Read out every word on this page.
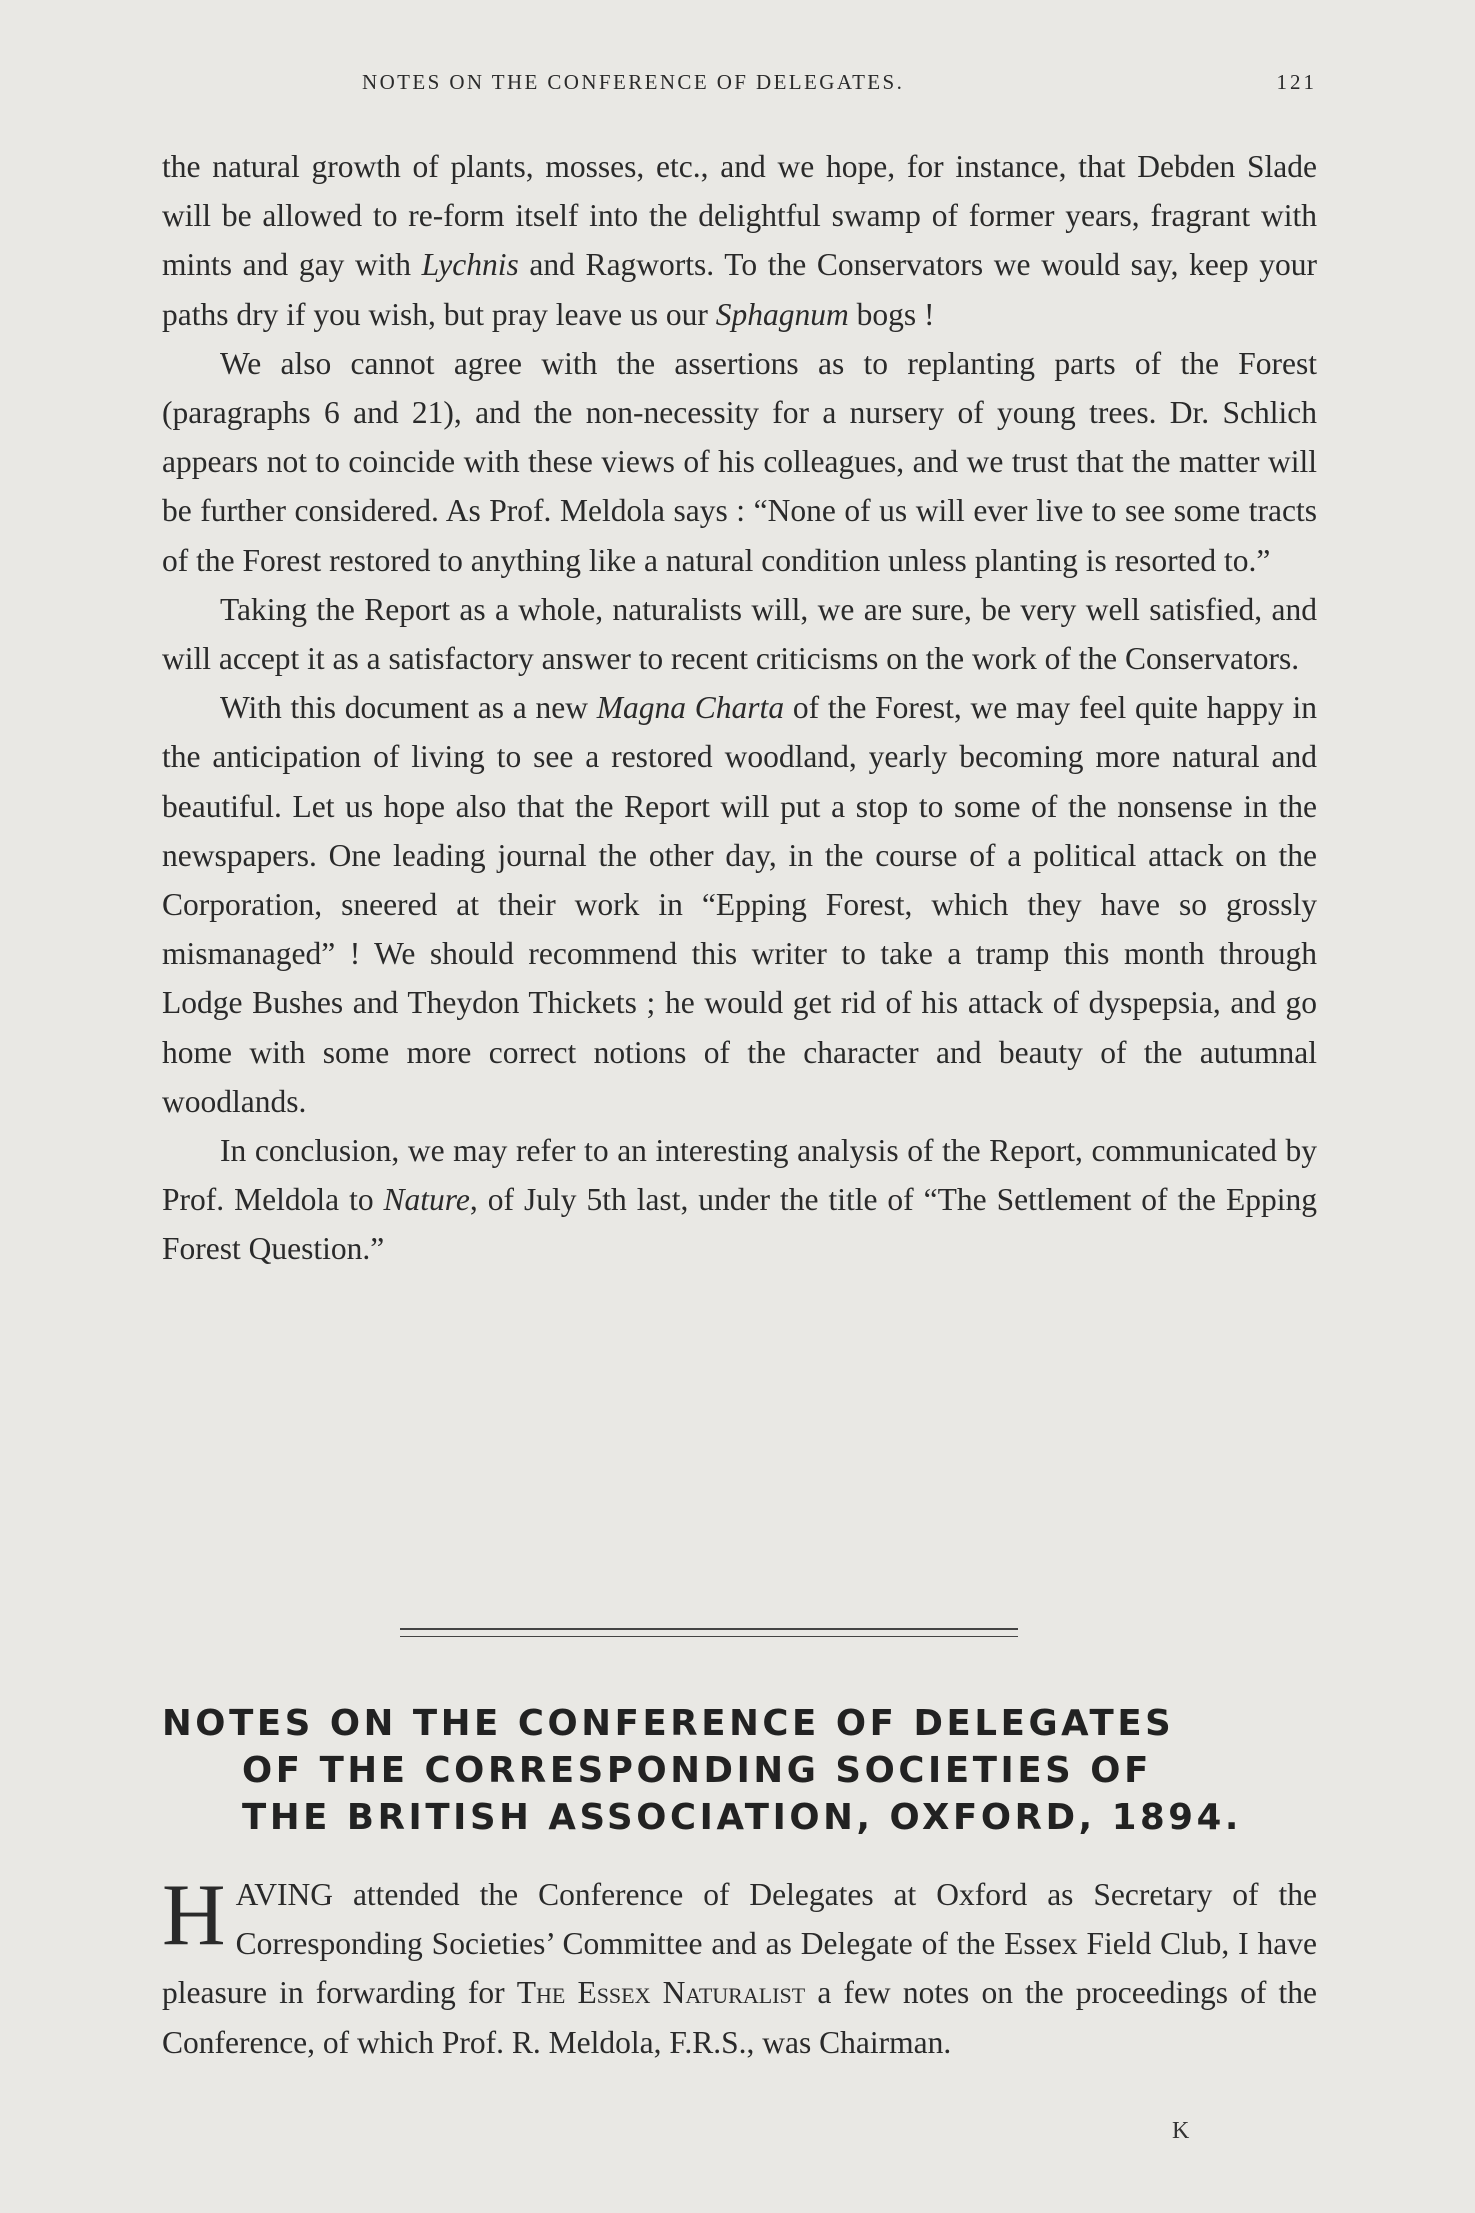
NOTES ON THE CONFERENCE OF DELEGATES.	121

the natural growth of plants, mosses, etc., and we hope, for instance, that Debden Slade will be allowed to re-form itself into the delightful swamp of former years, fragrant with mints and gay with Lychnis and Ragworts. To the Conservators we would say, keep your paths dry if you wish, but pray leave us our Sphagnum bogs !

We also cannot agree with the assertions as to replanting parts of the Forest (paragraphs 6 and 21), and the non-necessity for a nursery of young trees. Dr. Schlich appears not to coincide with these views of his colleagues, and we trust that the matter will be further considered. As Prof. Meldola says : “None of us will ever live to see some tracts of the Forest restored to anything like a natural condition unless planting is resorted to.”

Taking the Report as a whole, naturalists will, we are sure, be very well satisfied, and will accept it as a satisfactory answer to recent criticisms on the work of the Conservators.

With this document as a new Magna Charta of the Forest, we may feel quite happy in the anticipation of living to see a restored woodland, yearly becoming more natural and beautiful. Let us hope also that the Report will put a stop to some of the nonsense in the newspapers. One leading journal the other day, in the course of a political attack on the Corporation, sneered at their work in “Epping Forest, which they have so grossly mismanaged” ! We should recommend this writer to take a tramp this month through Lodge Bushes and Theydon Thickets ; he would get rid of his attack of dyspepsia, and go home with some more correct notions of the character and beauty of the autumnal woodlands.

In conclusion, we may refer to an interesting analysis of the Report, communicated by Prof. Meldola to Nature, of July 5th last, under the title of “The Settlement of the Epping Forest Question.”

NOTES ON THE CONFERENCE OF DELEGATES
OF THE CORRESPONDING SOCIETIES OF
THE BRITISH ASSOCIATION, OXFORD, 1894.

HAVING attended the Conference of Delegates at Oxford as Secretary of the Corresponding Societies’ Committee and as Delegate of the Essex Field Club, I have pleasure in forwarding for The Essex Naturalist a few notes on the proceedings of the Conference, of which Prof. R. Meldola, F.R.S., was Chairman.

K
